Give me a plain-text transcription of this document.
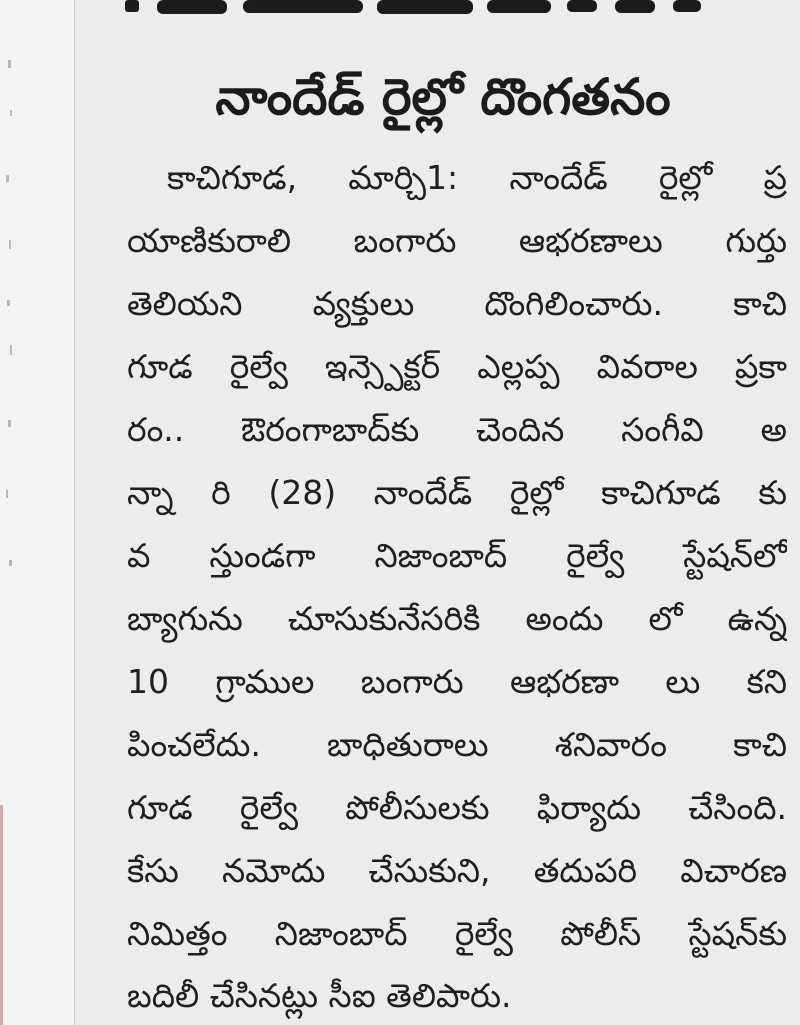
నాందేడ్ రైల్లో దొంగతనం
కాచిగూడ, మార్చి1: నాందేడ్ రైల్లో ప్ర
యాణికురాలి బంగారు ఆభరణాలు గుర్తు
తెలియని వ్యక్తులు దొంగిలించారు. కాచి
గూడ రైల్వే ఇన్స్పెక్టర్ ఎల్లప్ప వివరాల ప్రకా
రం.. ఔరంగాబాద్‌కు చెందిన సంగీవి అ
న్నా రి (28) నాందేడ్ రైల్లో కాచిగూడ కు
వ స్తుండగా నిజాంబాద్ రైల్వే స్టేషన్‌లో
బ్యాగును చూసుకునేసరికి అందు లో ఉన్న
10 గ్రాముల బంగారు ఆభరణా లు కని
పించలేదు. బాధితురాలు శనివారం కాచి
గూడ రైల్వే పోలీసులకు ఫిర్యాదు చేసింది.
కేసు నమోదు చేసుకుని, తదుపరి విచారణ
నిమిత్తం నిజాంబాద్ రైల్వే పోలీస్ స్టేషన్‌కు
బదిలీ చేసినట్లు సీఐ తెలిపారు.
